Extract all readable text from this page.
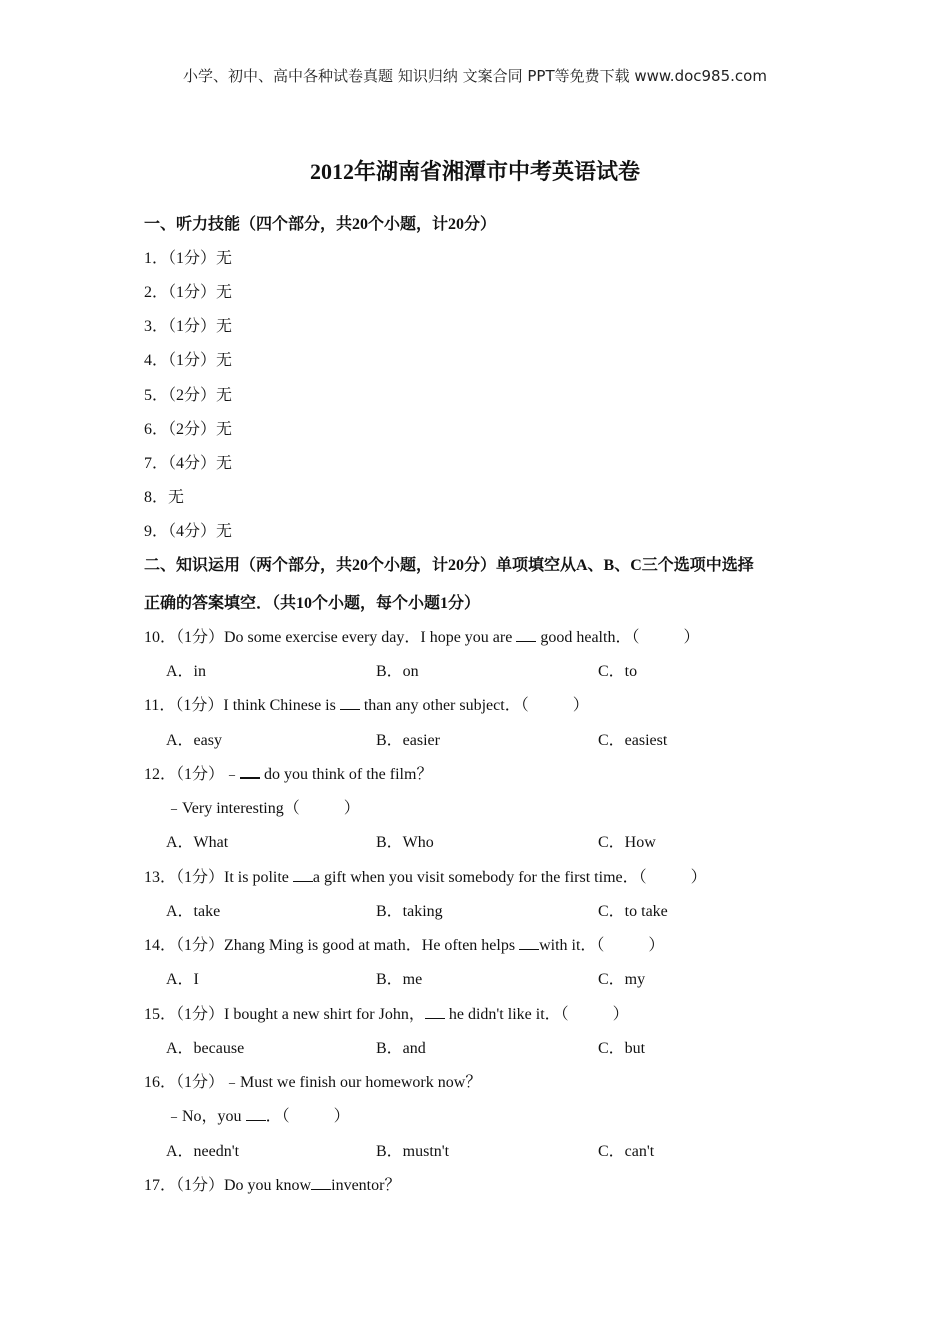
小学、初中、高中各种试卷真题 知识归纳 文案合同 PPT等免费下载 www.doc985.com
2012年湖南省湘潭市中考英语试卷
一、听力技能（四个部分，共20个小题，计20分）
1．（1分）无
2．（1分）无
3．（1分）无
4．（1分）无
5．（2分）无
6．（2分）无
7．（4分）无
8．无
9．（4分）无
二、知识运用（两个部分，共20个小题，计20分）单项填空从A、B、C三个选项中选择
正确的答案填空．（共10个小题，每个小题1分）
10．（1分）Do some exercise every day．I hope you are  good health．（	）
A．in	B．on	C．to
11．（1分）I think Chinese is  than any other subject．（	）
A．easy	B．easier	C．easiest
12．（1分）﹣ do you think of the film？
﹣Very interesting（	）
A．What	B．Who	C．How
13．（1分）It is polite a gift when you visit somebody for the first time．（	）
A．take	B．taking	C．to take
14．（1分）Zhang Ming is good at math．He often helps with it．（	）
A．I	B．me	C．my
15．（1分）I bought a new shirt for John， he didn't like it．（	）
A．because	B．and	C．but
16．（1分）﹣Must we finish our homework now？
﹣No，you ．（	）
A．needn't	B．mustn't	C．can't
17．（1分）Do you know inventor？
